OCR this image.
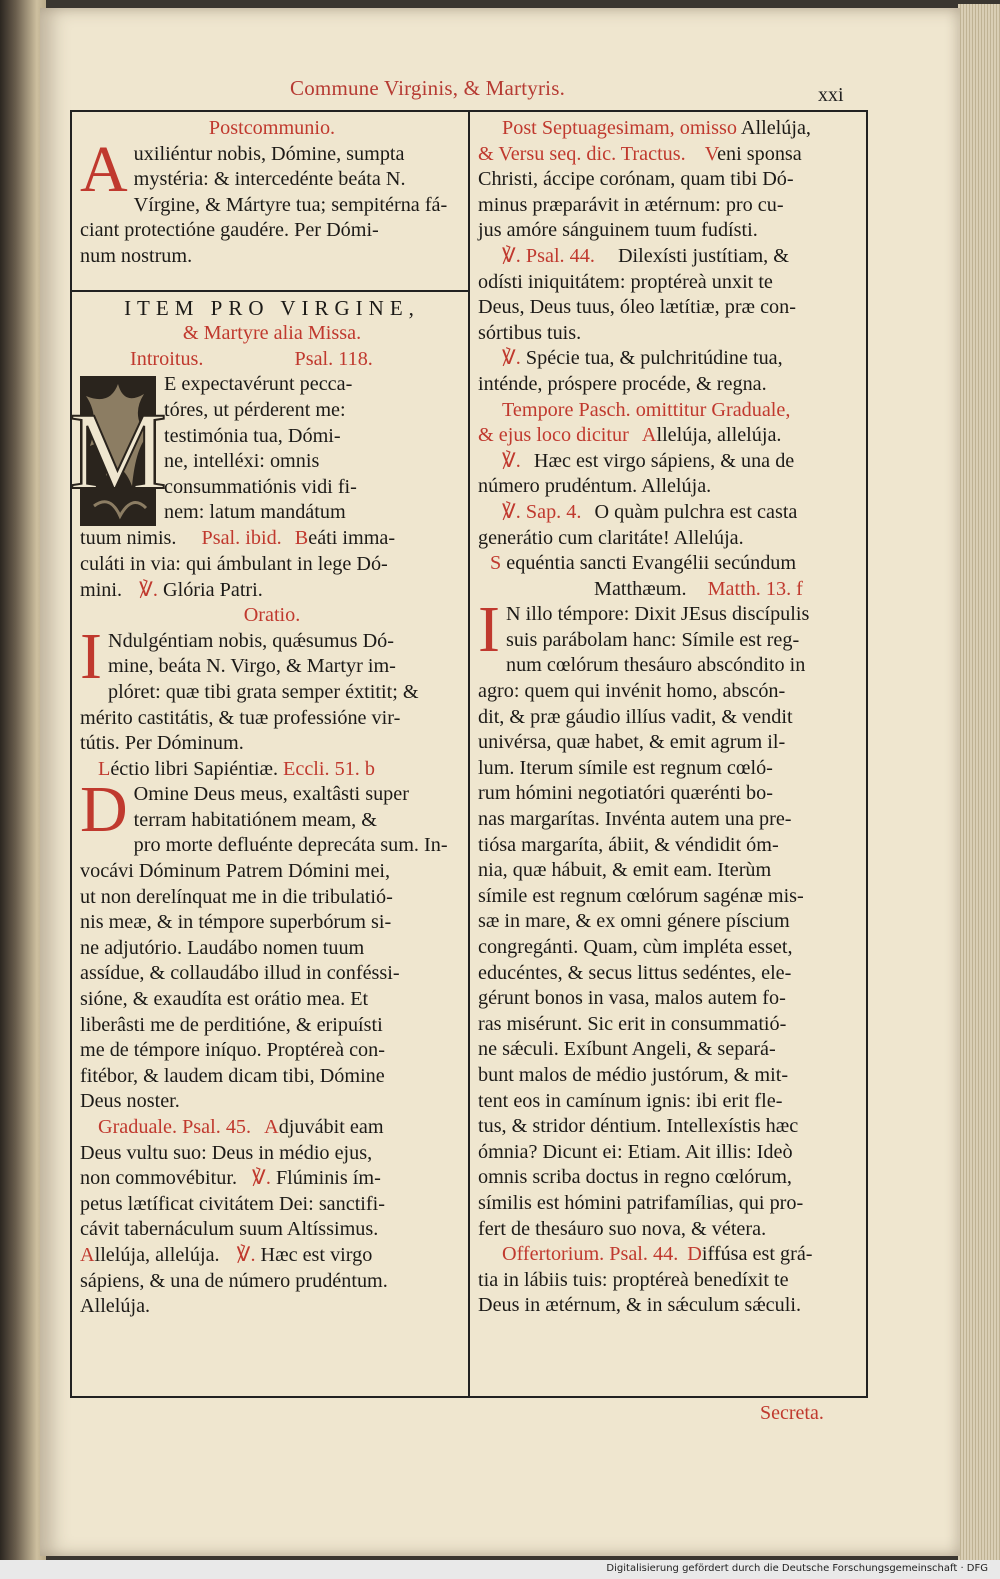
Commune Virginis, & Martyris.	xxi
Postcommunio.
A uxiliéntur nobis, Dómine, sumpta
mystéria: & intercedénte beáta N.
Vírgine, & Mártyre tua; sempitérna fá-
ciant protectióne gaudére. Per Dómi-
num nostrum.
ITEM PRO VIRGINE,
& Martyre alia Missa.
Introitus.	Psal. 118.
M
E expectavérunt pecca-
tóres, ut pérderent me:
testimónia tua, Dómi-
ne, intelléxi: omnis
consummatiónis vidi fi-
nem: latum mandátum
tuum nimis. Psal. ibid. Beáti imma-
culáti in via: qui ámbulant in lege Dó-
mini. ℣. Glória Patri.
Oratio.
I Ndulgéntiam nobis, quǽsumus Dó-
mine, beáta N. Virgo, & Martyr im-
plóret: quæ tibi grata semper éxtitit; &
mérito castitátis, & tuæ professióne vir-
tútis. Per Dóminum.
Léctio libri Sapiéntiæ. Eccli. 51. b
D Omine Deus meus, exaltâsti super
terram habitatiónem meam, &
pro morte defluénte deprecáta sum. In-
vocávi Dóminum Patrem Dómini mei,
ut non derelínquat me in die tribulatió-
nis meæ, & in témpore superbórum si-
ne adjutório. Laudábo nomen tuum
assídue, & collaudábo illud in conféssi-
sióne, & exaudíta est orátio mea. Et
liberâsti me de perditióne, & eripuísti
me de témpore iníquo. Proptéreà con-
fitébor, & laudem dicam tibi, Dómine
Deus noster.
Graduale. Psal. 45. Adjuvábit eam
Deus vultu suo: Deus in médio ejus,
non commovébitur. ℣. Flúminis ím-
petus lætíficat civitátem Dei: sanctifi-
cávit tabernáculum suum Altíssimus.
Allelúja, allelúja. ℣. Hæc est virgo
sápiens, & una de número prudéntum.
Allelúja.
Post Septuagesimam, omisso Allelúja,
& Versu seq. dic. Tractus. Veni sponsa
Christi, áccipe corónam, quam tibi Dó-
minus præparávit in ætérnum: pro cu-
jus amóre sánguinem tuum fudísti.
℣. Psal. 44. Dilexísti justítiam, &
odísti iniquitátem: proptéreà unxit te
Deus, Deus tuus, óleo lætítiæ, præ con-
sórtibus tuis.
℣. Spécie tua, & pulchritúdine tua,
inténde, próspere procéde, & regna.
Tempore Pasch. omittitur Graduale,
& ejus loco dicitur Allelúja, allelúja.
℣. Hæc est virgo sápiens, & una de
número prudéntum. Allelúja.
℣. Sap. 4. O quàm pulchra est casta
generátio cum claritáte! Allelúja.
S equéntia sancti Evangélii secúndum
Matthæum. Matth. 13. f
I N illo témpore: Dixit JEsus discípulis
suis parábolam hanc: Símile est reg-
num cœlórum thesáuro abscóndito in
agro: quem qui invénit homo, abscón-
dit, & præ gáudio illíus vadit, & vendit
univérsa, quæ habet, & emit agrum il-
lum. Iterum símile est regnum cœló-
rum hómini negotiatóri quærénti bo-
nas margarítas. Invénta autem una pre-
tiósa margaríta, ábiit, & véndidit óm-
nia, quæ hábuit, & emit eam. Iterùm
símile est regnum cœlórum sagénæ mis-
sæ in mare, & ex omni génere píscium
congregánti. Quam, cùm impléta esset,
educéntes, & secus littus sedéntes, ele-
gérunt bonos in vasa, malos autem fo-
ras misérunt. Sic erit in consummatió-
ne sǽculi. Exíbunt Angeli, & separá-
bunt malos de médio justórum, & mit-
tent eos in camínum ignis: ibi erit fle-
tus, & stridor déntium. Intellexístis hæc
ómnia? Dicunt ei: Etiam. Ait illis: Ideò
omnis scriba doctus in regno cœlórum,
símilis est hómini patrifamílias, qui pro-
fert de thesáuro suo nova, & vétera.
Offertorium. Psal. 44. Diffúsa est grá-
tia in lábiis tuis: proptéreà benedíxit te
Deus in ætérnum, & in sǽculum sǽculi.
Secreta.
Digitalisierung gefördert durch die Deutsche Forschungsgemeinschaft · DFG
